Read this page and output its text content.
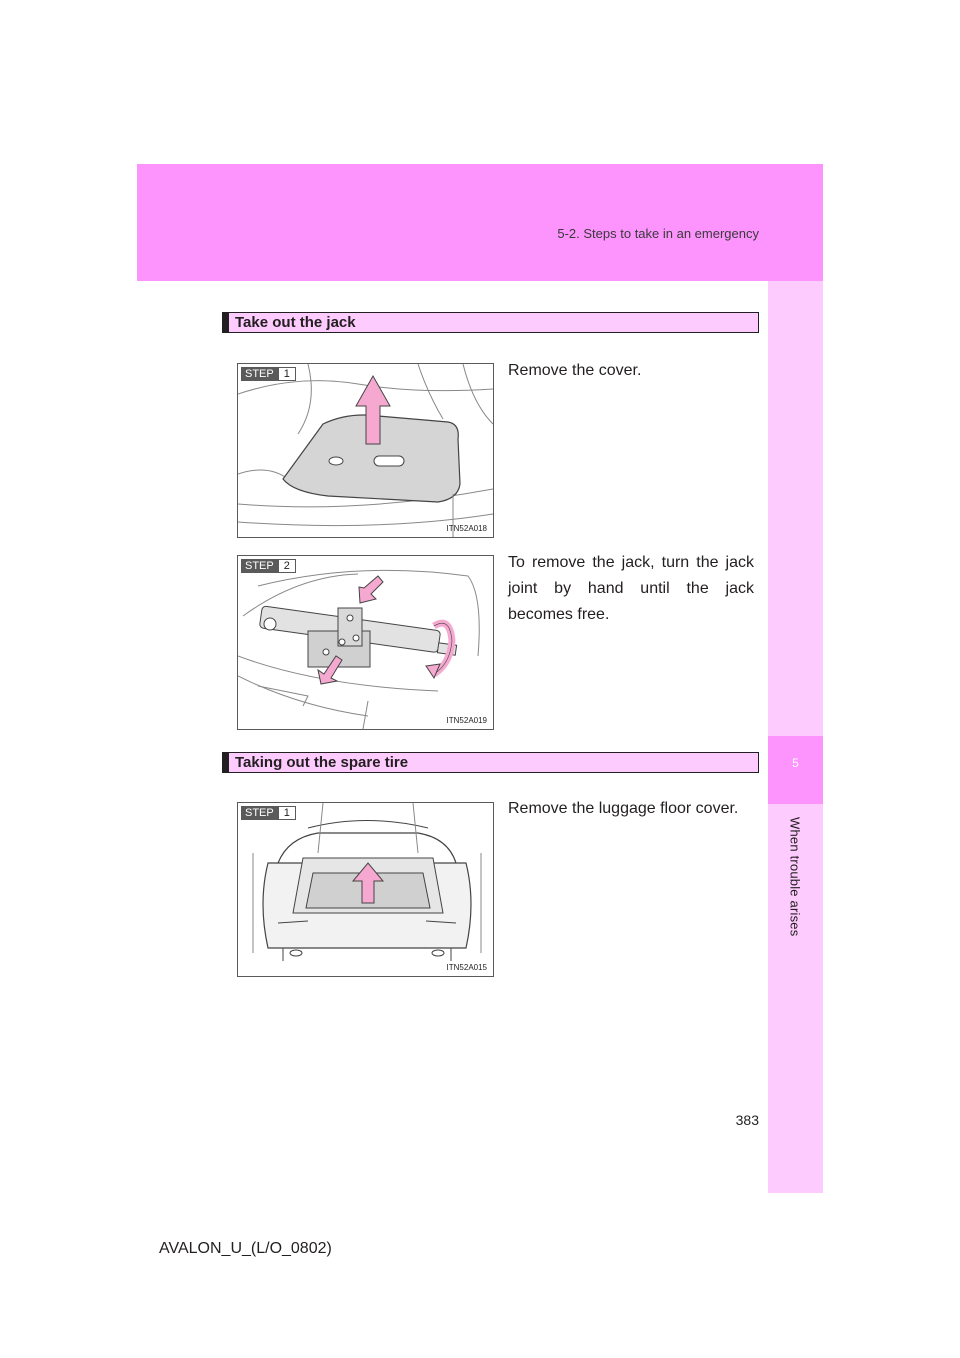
5-2. Steps to take in an emergency
5
When trouble arises
Take out the jack
STEP 1
ITN52A018
Remove the cover.
STEP 2
ITN52A019
To remove the jack, turn the jack joint by hand until the jack becomes free.
Taking out the spare tire
STEP 1
ITN52A015
Remove the luggage floor cover.
383
AVALON_U_(L/O_0802)
